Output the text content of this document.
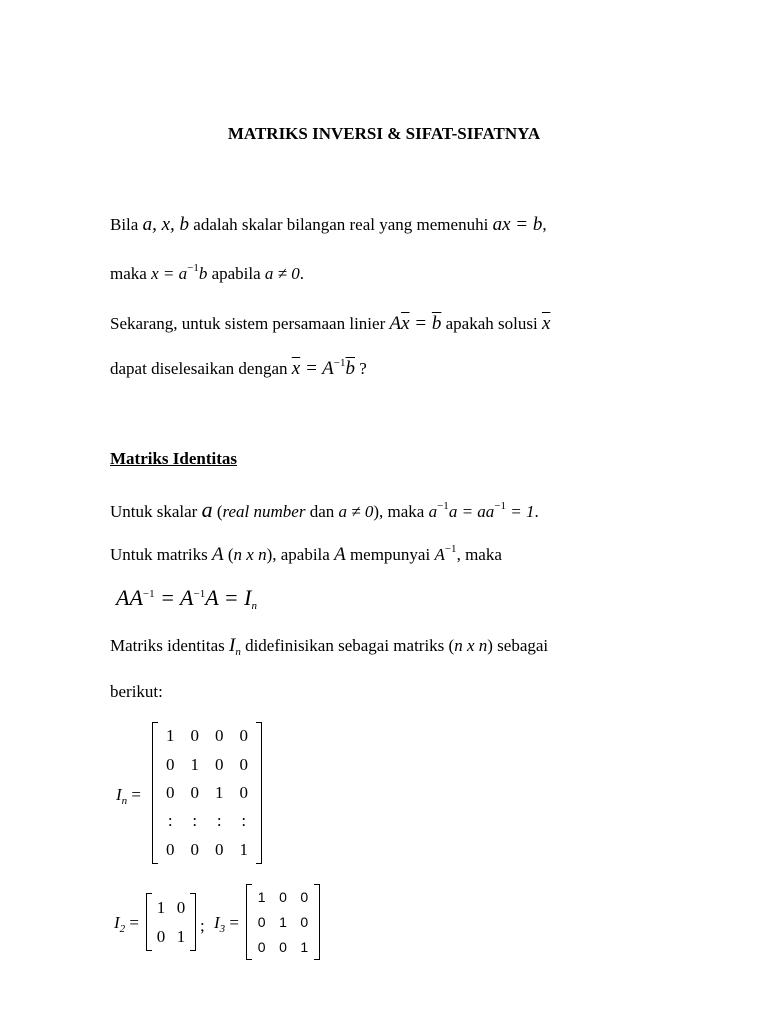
MATRIKS INVERSI & SIFAT-SIFATNYA
Bila a, x, b adalah skalar bilangan real yang memenuhi ax = b,
maka $x = a^{-1}b$ apabila a ≠ 0.
Sekarang, untuk sistem persamaan linier $A\overline{x} = \overline{b}$ apakah solusi $\overline{x}$
dapat diselesaikan dengan $\overline{x} = A^{-1}\overline{b}$ ?
Matriks Identitas
Untuk skalar a (real number dan a ≠ 0), maka $a^{-1}a = aa^{-1} = 1$.
Untuk matriks A (n x n), apabila A mempunyai $A^{-1}$, maka
$AA^{-1} = A^{-1}A = I_n$
Matriks identitas $I_n$ didefinisikan sebagai matriks (n x n) sebagai
berikut:
$I_n$ =
1	0	0	0
0	1	0	0
0	0	1	0
:	:	:	:
0	0	0	1
$I_2$ =
1	0
0	1
; $I_3$ =
1	0	0
0	1	0
0	0	1
